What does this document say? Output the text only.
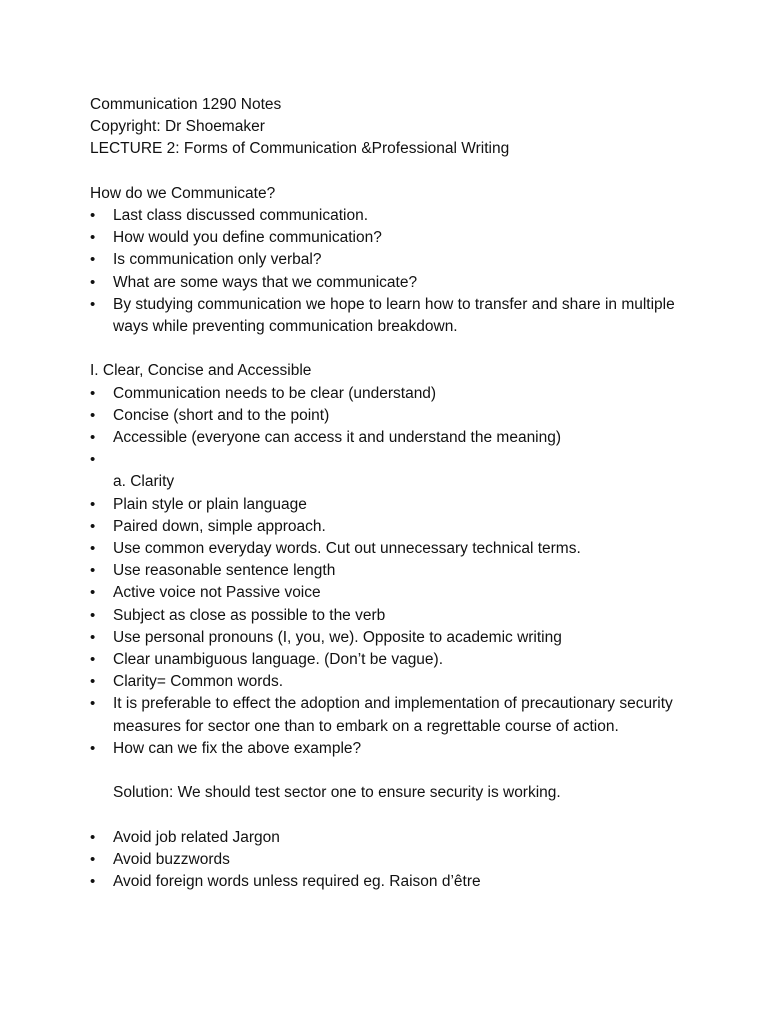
Communication 1290 Notes
Copyright: Dr Shoemaker
LECTURE 2: Forms of Communication &Professional Writing
How do we Communicate?
•	Last class discussed communication.
•	How would you define communication?
•	Is communication only verbal?
•	What are some ways that we communicate?
•	By studying communication we hope to learn how to transfer and share in multiple ways while preventing communication breakdown.
I. Clear, Concise and Accessible
•	Communication needs to be clear (understand)
•	Concise (short and to the point)
•	Accessible (everyone can access it and understand the meaning)
•
a. Clarity
•	Plain style or plain language
•	Paired down, simple approach.
•	Use common everyday words. Cut out unnecessary technical terms.
•	Use reasonable sentence length
•	Active voice not Passive voice
•	Subject as close as possible to the verb
•	Use personal pronouns (I, you, we). Opposite to academic writing
•	Clear unambiguous language. (Don’t be vague).
•	Clarity= Common words.
•	It is preferable to effect the adoption and implementation of precautionary security measures for sector one than to embark on a regrettable course of action.
•	How can we fix the above example?
Solution: We should test sector one to ensure security is working.
•	Avoid job related Jargon
•	Avoid buzzwords
•	Avoid foreign words unless required eg. Raison d’être
